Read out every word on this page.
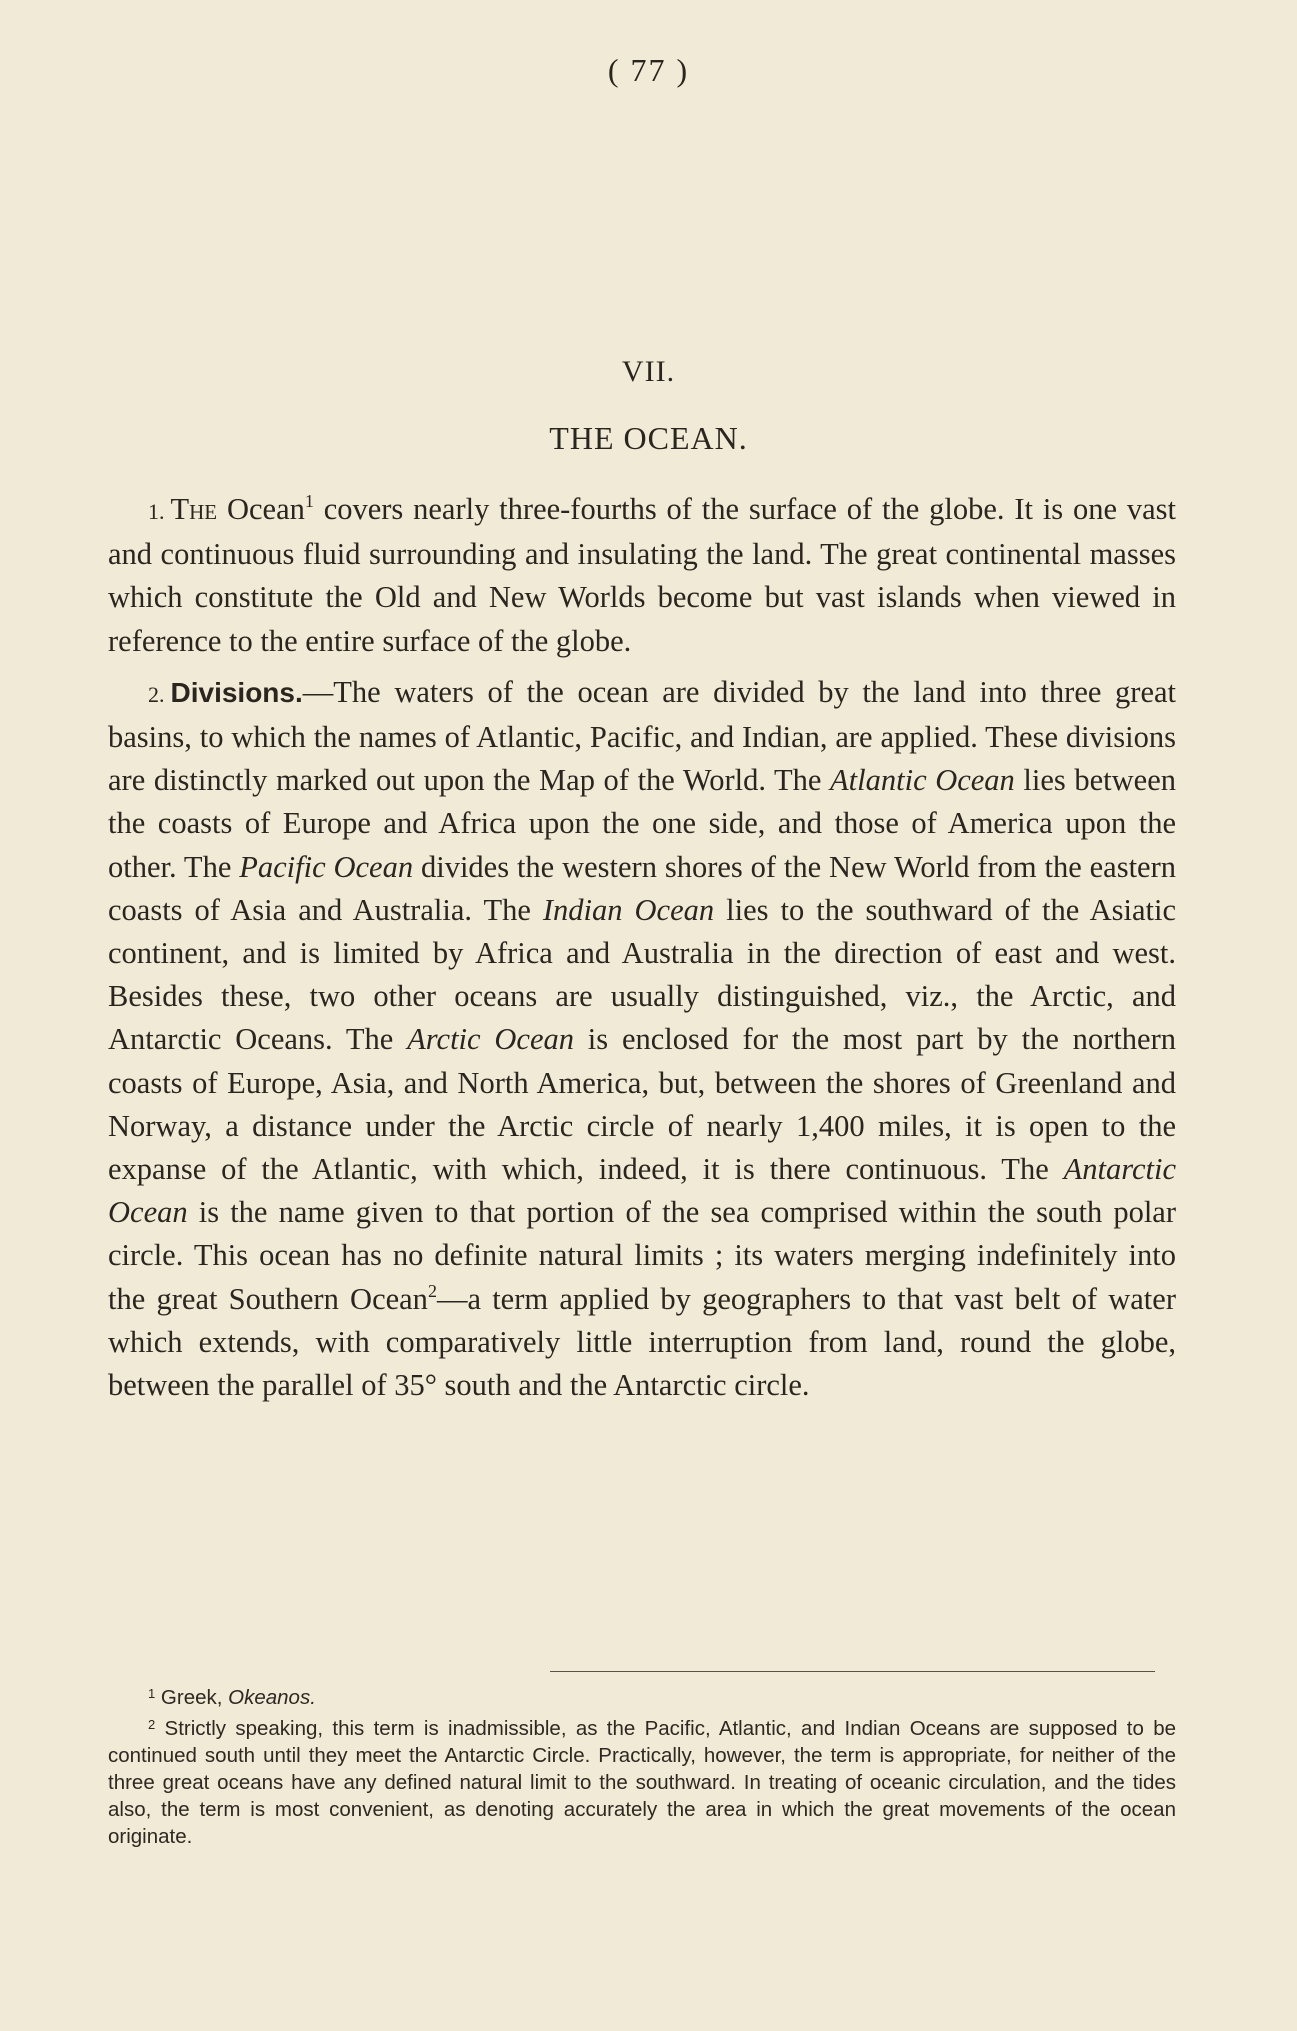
( 77 )
VII.
THE OCEAN.

1. The Ocean$^1$ covers nearly three-fourths of the surface of the globe. It is one vast and continuous fluid surrounding and insulating the land. The great continental masses which constitute the Old and New Worlds become but vast islands when viewed in reference to the entire surface of the globe.

2. Divisions.—The waters of the ocean are divided by the land into three great basins, to which the names of Atlantic, Pacific, and Indian, are applied. These divisions are distinctly marked out upon the Map of the World. The Atlantic Ocean lies between the coasts of Europe and Africa upon the one side, and those of America upon the other. The Pacific Ocean divides the western shores of the New World from the eastern coasts of Asia and Australia. The Indian Ocean lies to the southward of the Asiatic continent, and is limited by Africa and Australia in the direction of east and west. Besides these, two other oceans are usually distinguished, viz., the Arctic, and Antarctic Oceans. The Arctic Ocean is enclosed for the most part by the northern coasts of Europe, Asia, and North America, but, between the shores of Greenland and Norway, a distance under the Arctic circle of nearly 1,400 miles, it is open to the expanse of the Atlantic, with which, indeed, it is there continuous. The Antarctic Ocean is the name given to that portion of the sea comprised within the south polar circle. This ocean has no definite natural limits ; its waters merging indefinitely into the great Southern Ocean$^2$—a term applied by geographers to that vast belt of water which extends, with comparatively little interruption from land, round the globe, between the parallel of 35° south and the Antarctic circle.

$^1$ Greek, Okeanos.

$^2$ Strictly speaking, this term is inadmissible, as the Pacific, Atlantic, and Indian Oceans are supposed to be continued south until they meet the Antarctic Circle. Practically, however, the term is appropriate, for neither of the three great oceans have any defined natural limit to the southward. In treating of oceanic circulation, and the tides also, the term is most convenient, as denoting accurately the area in which the great movements of the ocean originate.
